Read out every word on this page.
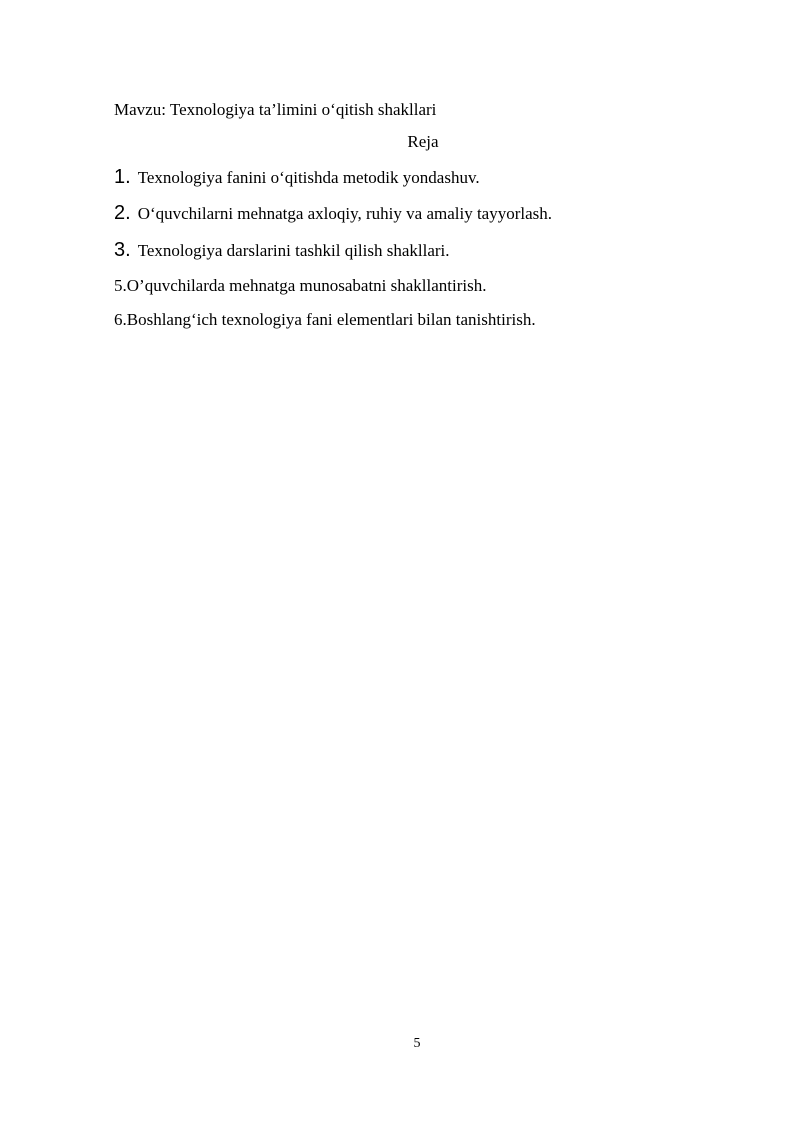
Mavzu: Texnologiya ta’limini o‘qitish shakllari
Reja
1. Texnologiya fanini o‘qitishda metodik yondashuv.
2. O‘quvchilarni mehnatga axloqiy, ruhiy va amaliy tayyorlash.
3. Texnologiya darslarini tashkil qilish shakllari.
5.O’quvchilarda mehnatga munosabatni shakllantirish.
6.Boshlang‘ich texnologiya fani elementlari bilan tanishtirish.
5
